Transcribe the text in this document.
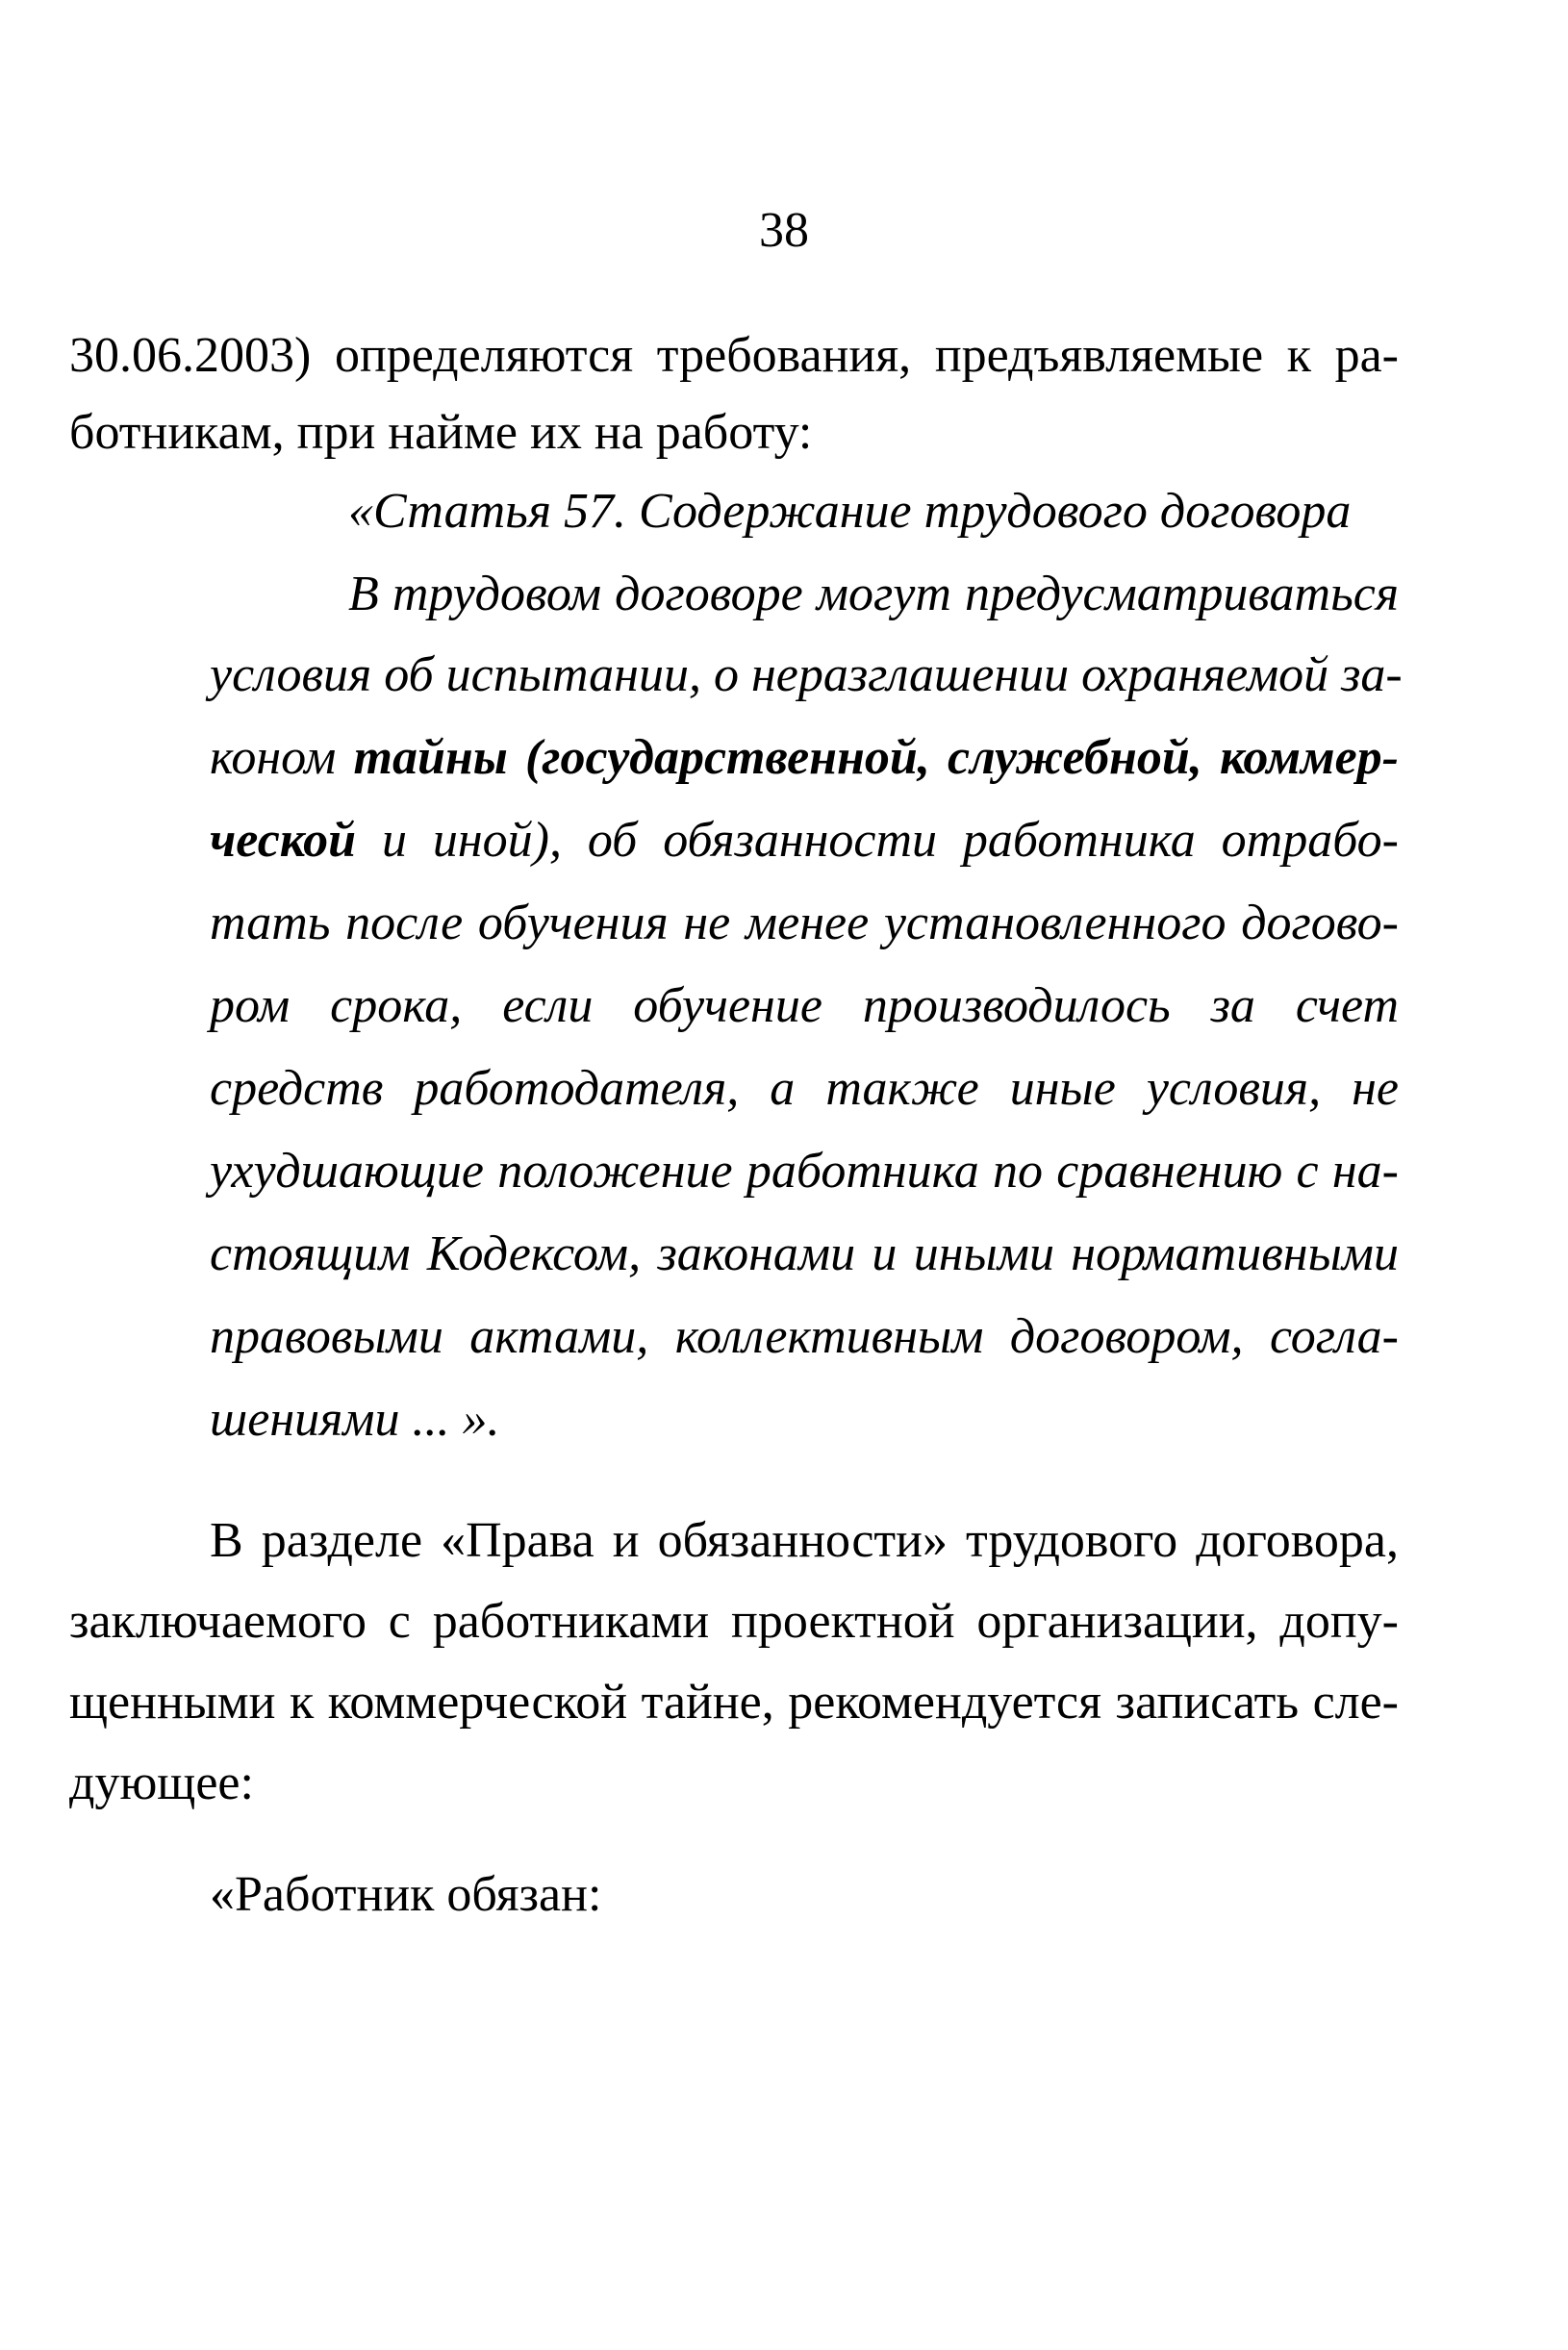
38
30.06.2003) определяются требования, предъявляемые к ра-
ботникам, при найме их на работу:
«Статья 57. Содержание трудового договора
В трудовом договоре могут предусматриваться
условия об испытании, о неразглашении охраняемой за-
коном тайны (государственной, служебной, коммер-
ческой и иной), об обязанности работника отрабо-
тать после обучения не менее установленного догово-
ром срока, если обучение производилось за счет
средств работодателя, а также иные условия, не
ухудшающие положение работника по сравнению с на-
стоящим Кодексом, законами и иными нормативными
правовыми актами, коллективным договором, согла-
шениями ... ».
В разделе «Права и обязанности» трудового договора,
заключаемого с работниками проектной организации, допу-
щенными к коммерческой тайне, рекомендуется записать сле-
дующее:
«Работник обязан:
